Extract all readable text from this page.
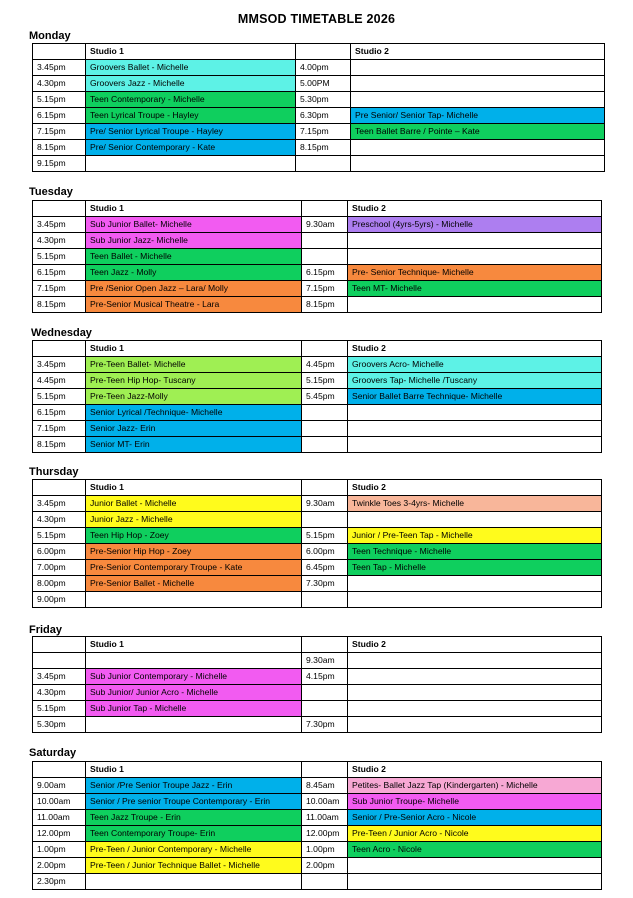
MMSOD TIMETABLE 2026
Monday
	Studio 1		Studio 2
3.45pm	Groovers Ballet - Michelle	4.00pm	
4.30pm	Groovers Jazz - Michelle	5.00PM	
5.15pm	Teen Contemporary - Michelle	5.30pm	
6.15pm	Teen Lyrical Troupe - Hayley	6.30pm	Pre Senior/ Senior Tap- Michelle
7.15pm	Pre/ Senior Lyrical Troupe - Hayley	7.15pm	Teen Ballet Barre / Pointe – Kate
8.15pm	Pre/ Senior Contemporary - Kate	8.15pm	
9.15pm			
Tuesday
	Studio 1		Studio 2
3.45pm	Sub Junior Ballet- Michelle	9.30am	Preschool (4yrs-5yrs) - Michelle
4.30pm	Sub Junior Jazz- Michelle		
5.15pm	Teen Ballet - Michelle		
6.15pm	Teen Jazz - Molly	6.15pm	Pre- Senior Technique- Michelle
7.15pm	Pre /Senior Open Jazz – Lara/ Molly	7.15pm	Teen MT- Michelle
8.15pm	Pre-Senior Musical Theatre - Lara	8.15pm	
Wednesday
	Studio 1		Studio 2
3.45pm	Pre-Teen Ballet- Michelle	4.45pm	Groovers Acro- Michelle
4.45pm	Pre-Teen Hip Hop- Tuscany	5.15pm	Groovers Tap- Michelle /Tuscany
5.15pm	Pre-Teen Jazz-Molly	5.45pm	Senior Ballet Barre Technique- Michelle
6.15pm	Senior Lyrical /Technique- Michelle		
7.15pm	Senior Jazz- Erin		
8.15pm	Senior MT- Erin		
Thursday
	Studio 1		Studio 2
3.45pm	Junior Ballet - Michelle	9.30am	Twinkle Toes 3-4yrs- Michelle
4.30pm	Junior Jazz - Michelle		
5.15pm	Teen Hip Hop - Zoey	5.15pm	Junior / Pre-Teen Tap - Michelle
6.00pm	Pre-Senior Hip Hop - Zoey	6.00pm	Teen Technique - Michelle
7.00pm	Pre-Senior Contemporary Troupe - Kate	6.45pm	Teen Tap - Michelle
8.00pm	Pre-Senior Ballet - Michelle	7.30pm	
9.00pm			
Friday
	Studio 1		Studio 2
		9.30am	
3.45pm	Sub Junior Contemporary - Michelle	4.15pm	
4.30pm	Sub Junior/ Junior Acro - Michelle		
5.15pm	Sub Junior Tap - Michelle		
5.30pm		7.30pm	
Saturday
	Studio 1		Studio 2
9.00am	Senior /Pre Senior Troupe Jazz - Erin	8.45am	Petites- Ballet Jazz Tap (Kindergarten) - Michelle
10.00am	Senior / Pre senior Troupe Contemporary - Erin	10.00am	Sub Junior Troupe- Michelle
11.00am	Teen Jazz Troupe - Erin	11.00am	Senior / Pre-Senior Acro - Nicole
12.00pm	Teen Contemporary Troupe- Erin	12.00pm	Pre-Teen / Junior Acro - Nicole
1.00pm	Pre-Teen / Junior Contemporary - Michelle	1.00pm	Teen Acro - Nicole
2.00pm	Pre-Teen / Junior Technique Ballet - Michelle	2.00pm	
2.30pm			
